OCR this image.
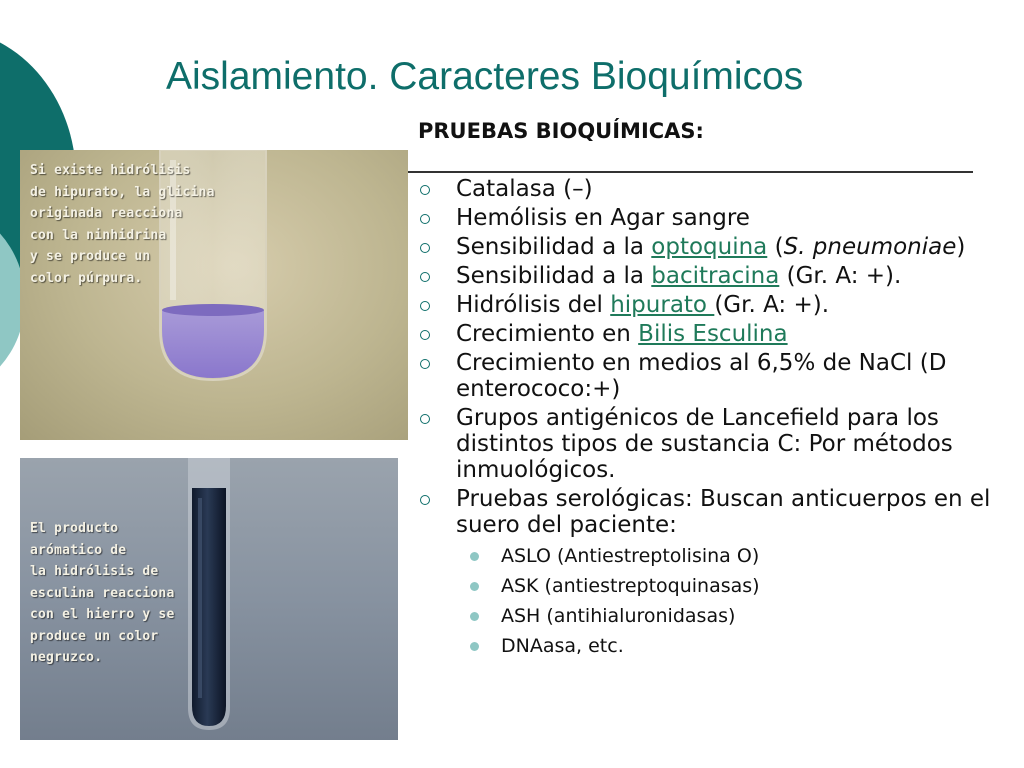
Aislamiento. Caracteres Bioquímicos
Si existe hidrólisis
de hipurato, la glicina
originada reacciona
con la ninhidrina
y se produce un
color púrpura.
El producto
arómatico de
la hidrólisis de
esculina reacciona
con el hierro y se
produce un color
negruzco.
PRUEBAS BIOQUÍMICAS:
Catalasa (–)
Hemólisis en Agar sangre
Sensibilidad a la optoquina (S. pneumoniae)
Sensibilidad a la bacitracina (Gr. A: +).
Hidrólisis del hipurato (Gr. A: +).
Crecimiento en Bilis Esculina
Crecimiento en medios al 6,5% de NaCl (D enterococo:+)
Grupos antigénicos de Lancefield para los distintos tipos de sustancia C: Por métodos inmuológicos.
Pruebas serológicas: Buscan anticuerpos en el suero del paciente:
ASLO (Antiestreptolisina O)
ASK (antiestreptoquinasas)
ASH (antihialuronidasas)
DNAasa, etc.
